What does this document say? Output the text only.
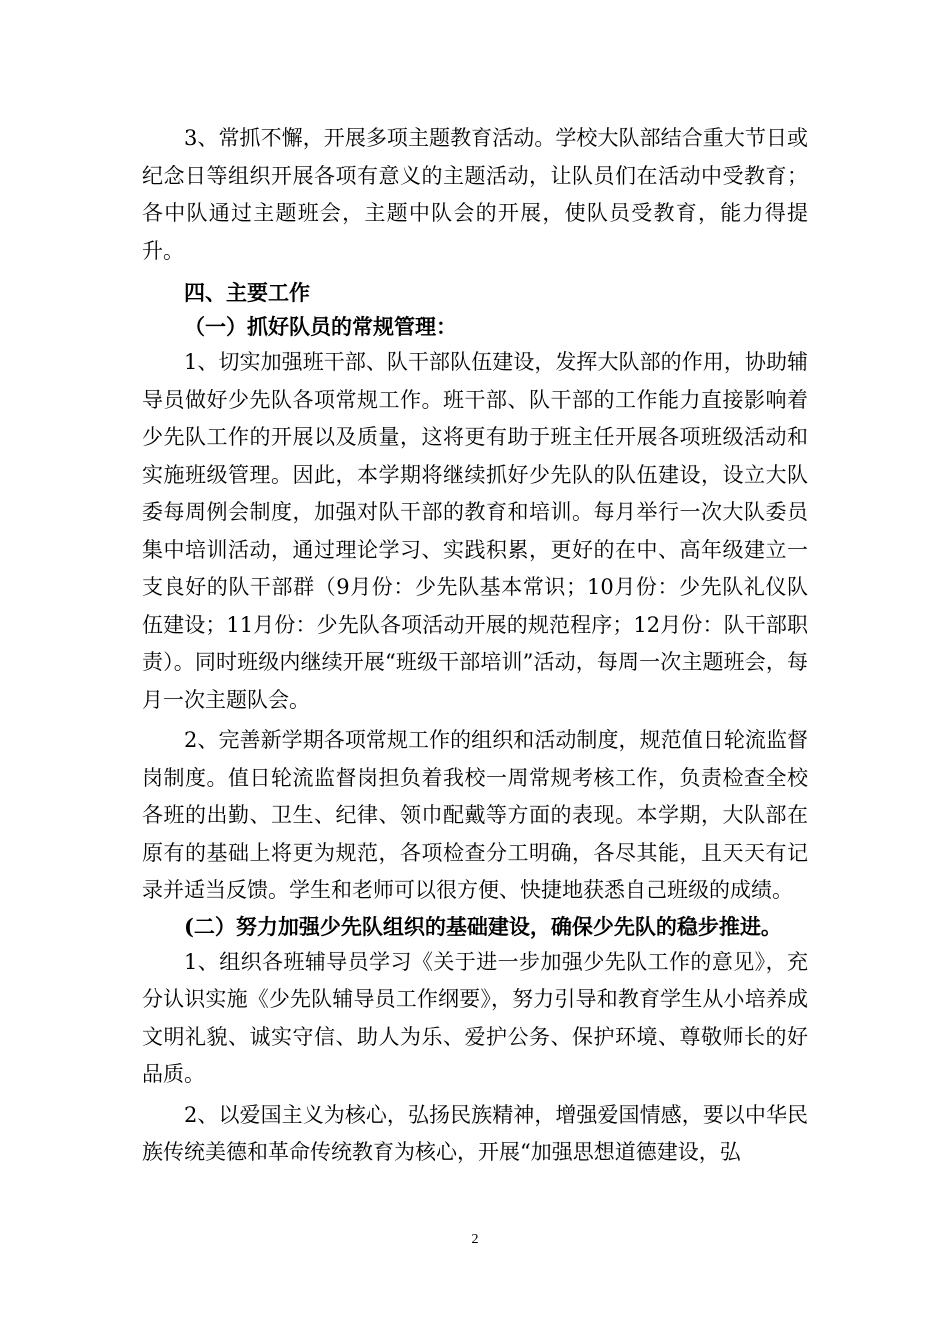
3、常抓不懈，开展多项主题教育活动。学校大队部结合重大节日或纪念日等组织开展各项有意义的主题活动，让队员们在活动中受教育；各中队通过主题班会，主题中队会的开展，使队员受教育，能力得提升。

四、主要工作

（一）抓好队员的常规管理：

1、切实加强班干部、队干部队伍建设，发挥大队部的作用，协助辅导员做好少先队各项常规工作。班干部、队干部的工作能力直接影响着少先队工作的开展以及质量，这将更有助于班主任开展各项班级活动和实施班级管理。因此，本学期将继续抓好少先队的队伍建设，设立大队委每周例会制度，加强对队干部的教育和培训。每月举行一次大队委员集中培训活动，通过理论学习、实践积累，更好的在中、高年级建立一支良好的队干部群（9月份：少先队基本常识；10月份：少先队礼仪队伍建设；11月份：少先队各项活动开展的规范程序；12月份：队干部职责）。同时班级内继续开展“班级干部培训”活动，每周一次主题班会，每月一次主题队会。

2、完善新学期各项常规工作的组织和活动制度，规范值日轮流监督岗制度。值日轮流监督岗担负着我校一周常规考核工作，负责检查全校各班的出勤、卫生、纪律、领巾配戴等方面的表现。本学期，大队部在原有的基础上将更为规范，各项检查分工明确，各尽其能，且天天有记录并适当反馈。学生和老师可以很方便、快捷地获悉自己班级的成绩。

(二）努力加强少先队组织的基础建设，确保少先队的稳步推进。

1、组织各班辅导员学习《关于进一步加强少先队工作的意见》，充分认识实施《少先队辅导员工作纲要》，努力引导和教育学生从小培养成文明礼貌、诚实守信、助人为乐、爱护公务、保护环境、尊敬师长的好品质。

2、以爱国主义为核心，弘扬民族精神，增强爱国情感，要以中华民族传统美德和革命传统教育为核心，开展“加强思想道德建设，弘

2
